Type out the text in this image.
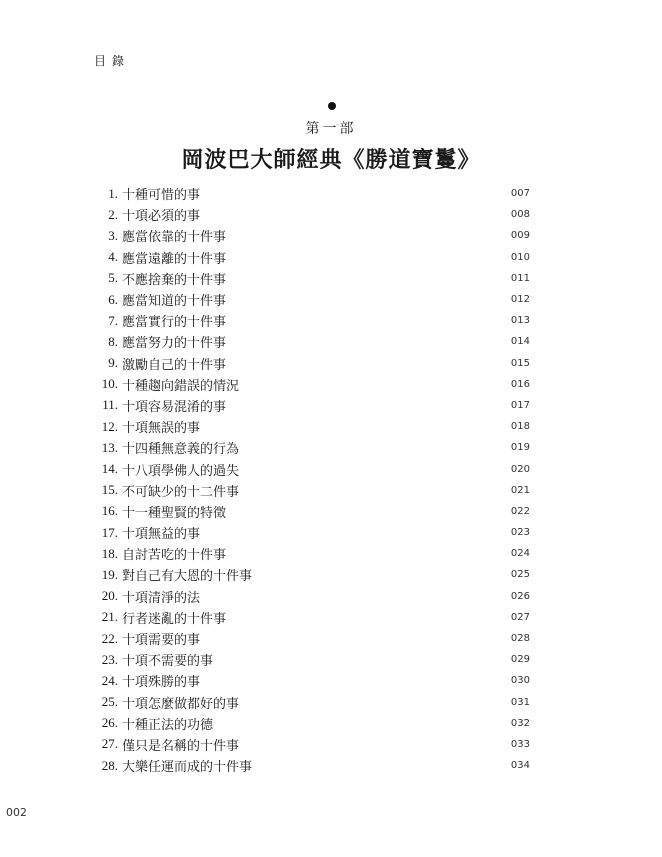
目錄
第一部
岡波巴大師經典《勝道寶鬘》
1. 十種可惜的事	007
2. 十項必須的事	008
3. 應當依靠的十件事	009
4. 應當遠離的十件事	010
5. 不應捨棄的十件事	011
6. 應當知道的十件事	012
7. 應當實行的十件事	013
8. 應當努力的十件事	014
9. 激勵自己的十件事	015
10. 十種趨向錯誤的情況	016
11. 十項容易混淆的事	017
12. 十項無誤的事	018
13. 十四種無意義的行為	019
14. 十八項學佛人的過失	020
15. 不可缺少的十二件事	021
16. 十一種聖賢的特徵	022
17. 十項無益的事	023
18. 自討苦吃的十件事	024
19. 對自己有大恩的十件事	025
20. 十項清淨的法	026
21. 行者迷亂的十件事	027
22. 十項需要的事	028
23. 十項不需要的事	029
24. 十項殊勝的事	030
25. 十項怎麼做都好的事	031
26. 十種正法的功德	032
27. 僅只是名稱的十件事	033
28. 大樂任運而成的十件事	034
002
